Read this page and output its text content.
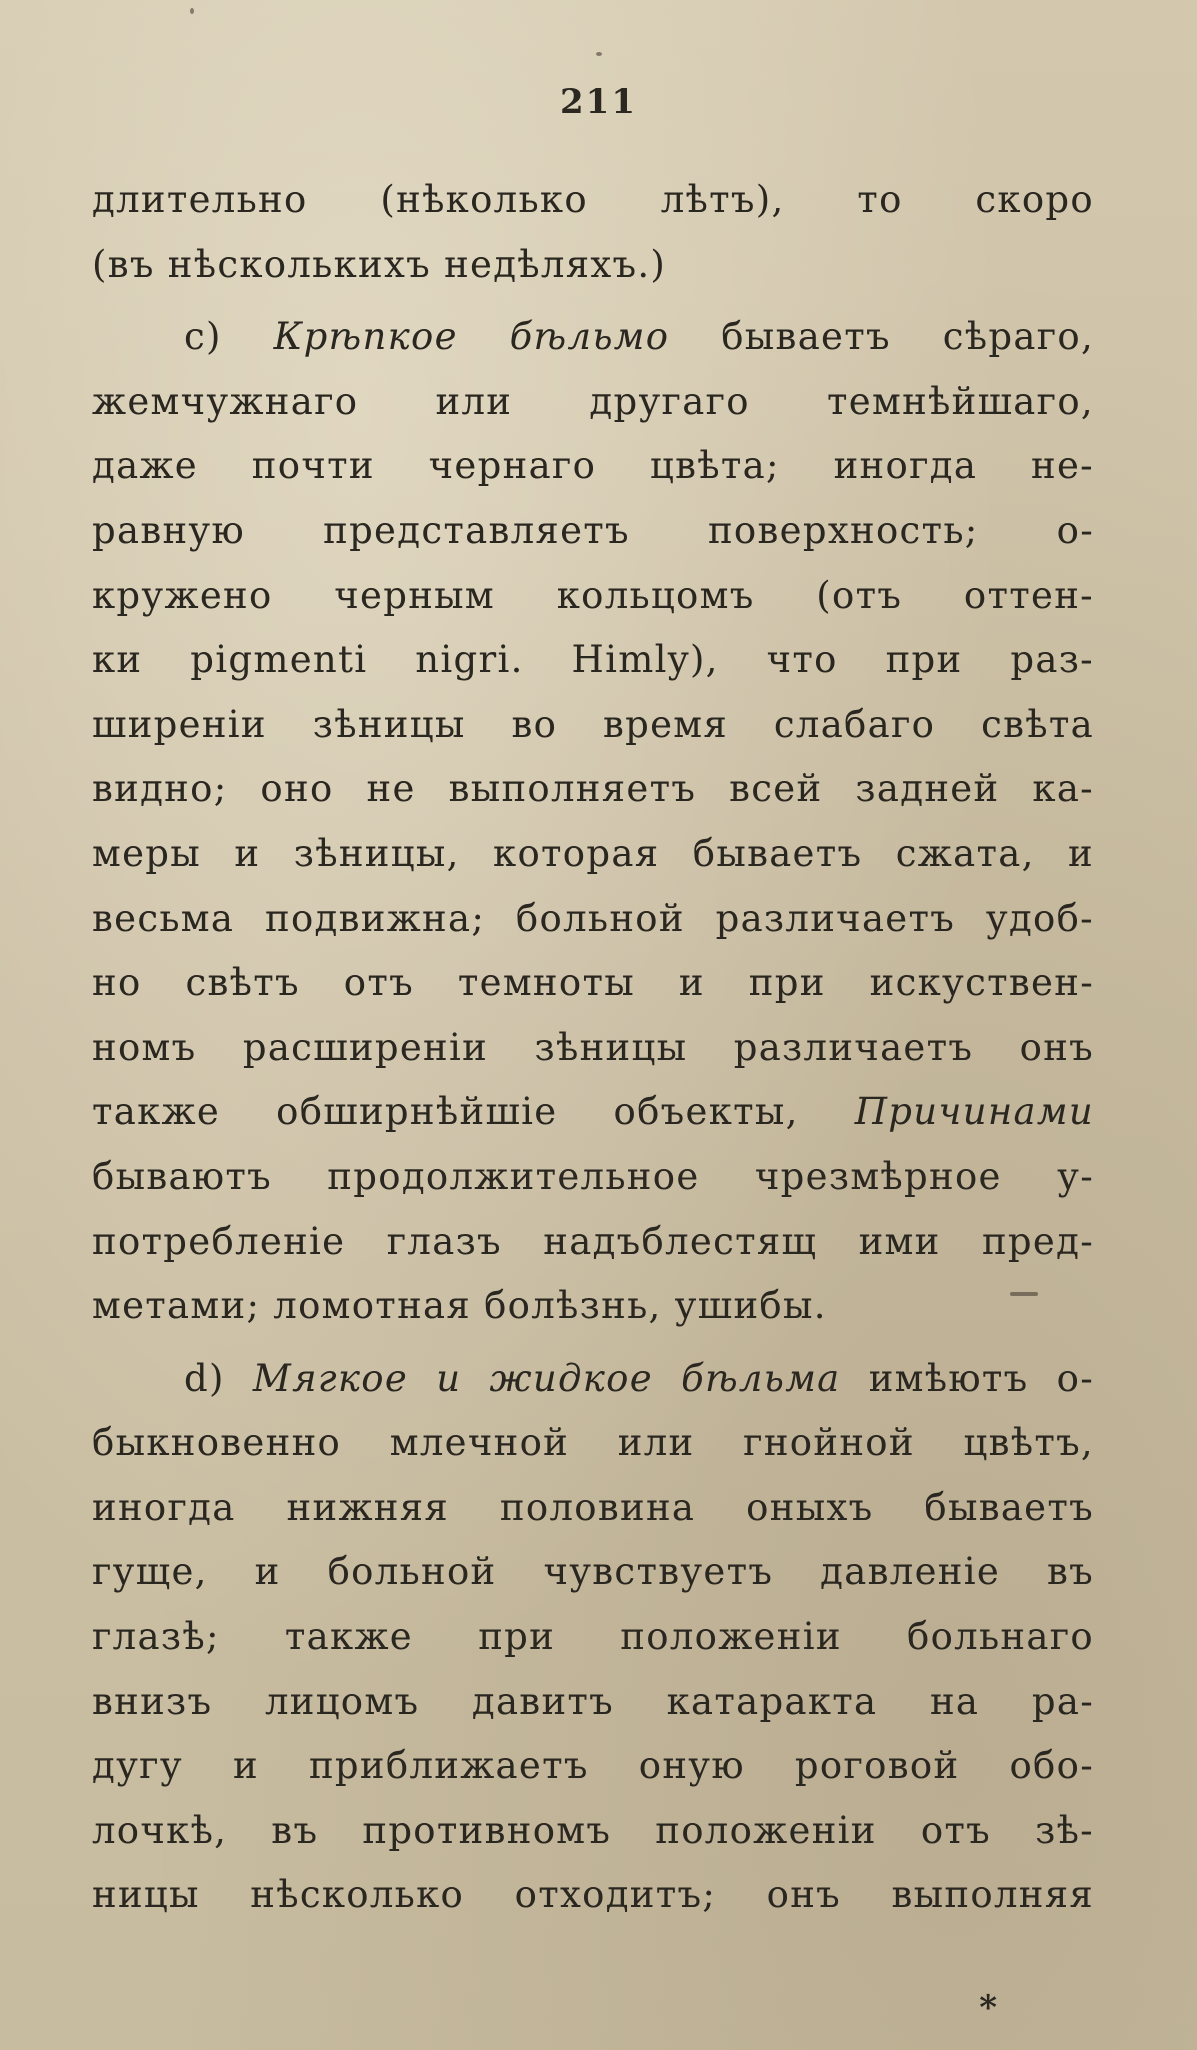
211
длительно (нѣколько лѣтъ), то скоро
(въ нѣсколькихъ недѣляхъ.)
c) Крѣпкое бѣльмо бываетъ сѣраго,
жемчужнаго или другаго темнѣйшаго,
даже почти чернаго цвѣта; иногда не-
равную представляетъ поверхность; о-
кружено черным кольцомъ (отъ оттен-
ки pigmenti nigri. Himly), что при раз-
ширенiи зѣницы во время слабаго свѣта
видно; оно не выполняетъ всей задней ка-
меры и зѣницы, которая бываетъ сжата, и
весьма подвижна; больной различаетъ удоб-
но свѣтъ отъ темноты и при искуствен-
номъ расширенiи зѣницы различаетъ онъ
также обширнѣйшiе объекты, Причинами
бываютъ продолжительное чрезмѣрное у-
потребленiе глазъ надъблестящ ими пред-
метами; ломотная болѣзнь, ушибы.
d) Мягкое и жидкое бѣльма имѣютъ о-
быкновенно млечной или гнойной цвѣтъ,
иногда нижняя половина оныхъ бываетъ
гуще, и больной чувствуетъ давленiе въ
глазѣ; также при положенiи больнаго
внизъ лицомъ давитъ катаракта на ра-
дугу и приближаетъ оную роговой обо-
лочкѣ, въ противномъ положенiи отъ зѣ-
ницы нѣсколько отходитъ; онъ выполняя
*
